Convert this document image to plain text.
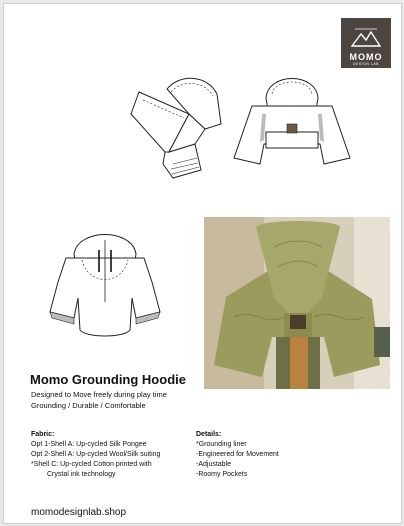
MOMO
DESIGN LAB
Momo Grounding Hoodie
Designed to Move freely during play time
Grounding / Durable / Comfortable
Fabric:
Opt 1-Shell A: Up-cycled Silk Pongee
Opt 2-Shell A: Up-cycled Wool/Silk suiting
*Shell C: Up-cycled Cotton printed with
Crystal ink technology
Details:
*Grounding liner
-Engineered for Movement
-Adjustable
-Roomy Pockets
momodesignlab.shop
